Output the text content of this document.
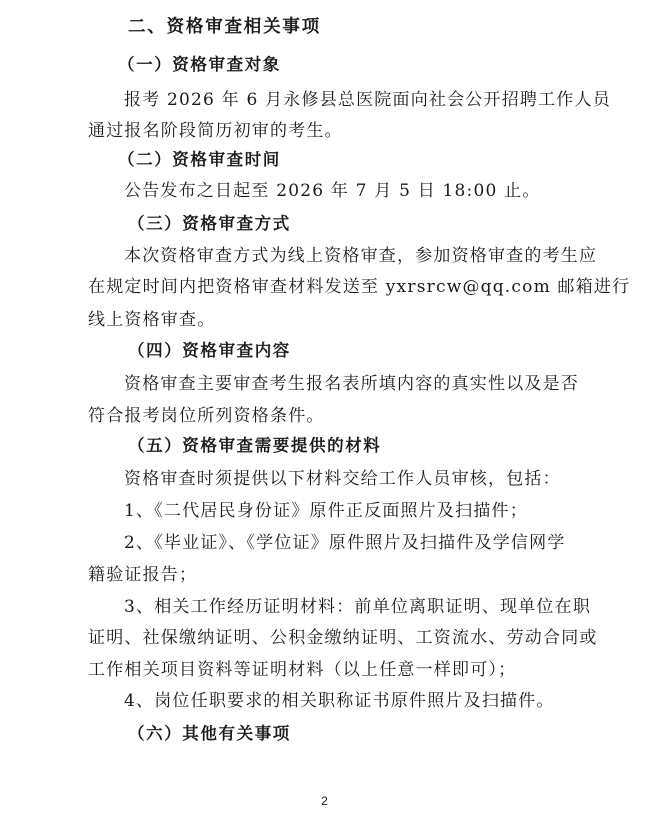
二、资格审查相关事项
（一）资格审查对象
报考 2026 年 6 月永修县总医院面向社会公开招聘工作人员
通过报名阶段简历初审的考生。
（二）资格审查时间
公告发布之日起至 2026 年 7 月 5 日 18:00 止。
（三）资格审查方式
本次资格审查方式为线上资格审查，参加资格审查的考生应
在规定时间内把资格审查材料发送至 yxrsrcw@qq.com 邮箱进行
线上资格审查。
（四）资格审查内容
资格审查主要审查考生报名表所填内容的真实性以及是否
符合报考岗位所列资格条件。
（五）资格审查需要提供的材料
资格审查时须提供以下材料交给工作人员审核，包括：
1、《二代居民身份证》原件正反面照片及扫描件；
2、《毕业证》、《学位证》原件照片及扫描件及学信网学
籍验证报告；
3、相关工作经历证明材料：前单位离职证明、现单位在职
证明、社保缴纳证明、公积金缴纳证明、工资流水、劳动合同或
工作相关项目资料等证明材料（以上任意一样即可）；
4、岗位任职要求的相关职称证书原件照片及扫描件。
（六）其他有关事项
2
